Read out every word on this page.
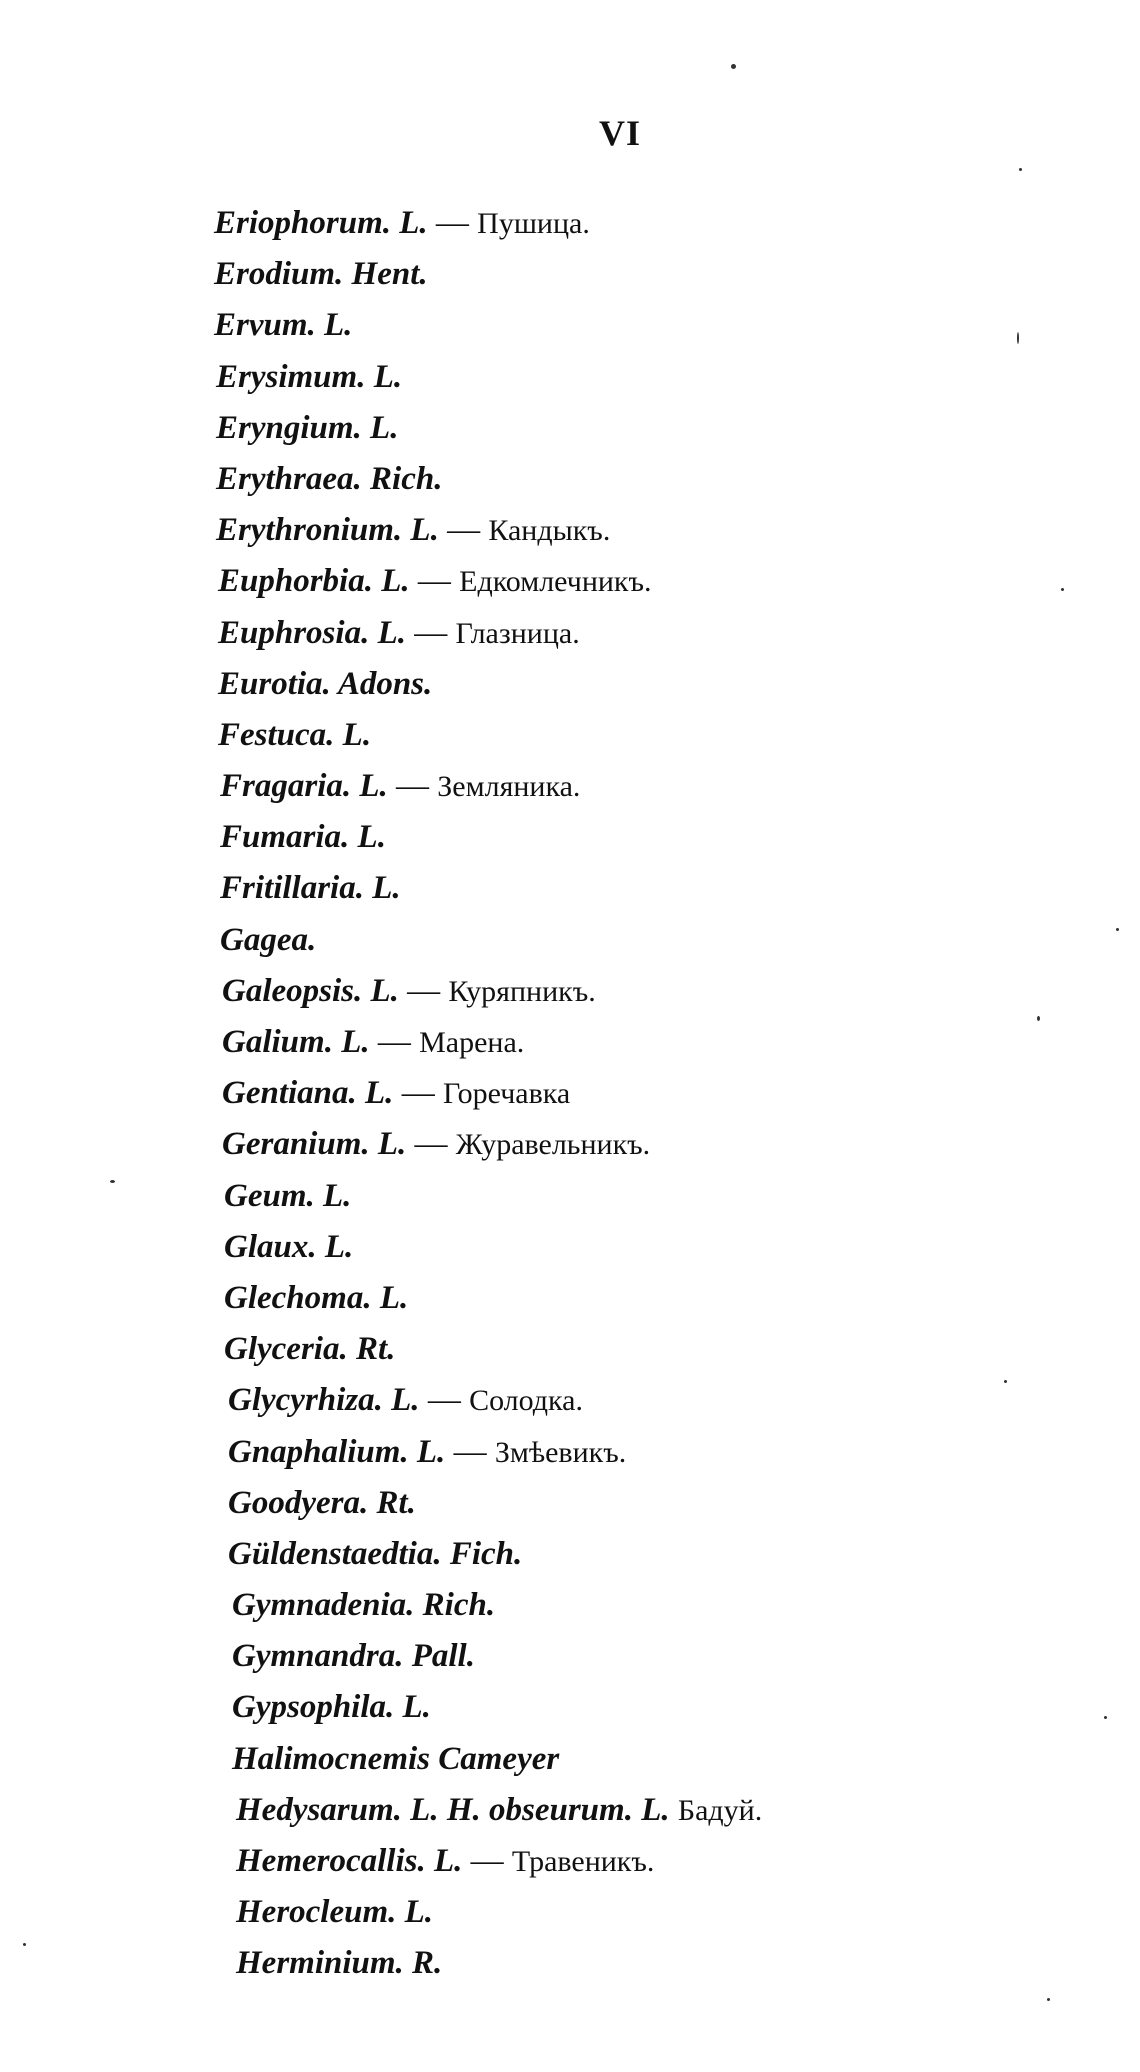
VI
Eriophorum. L. — Пушица.
Erodium. Hent.
Ervum. L.
Erysimum. L.
Eryngium. L.
Erythraea. Rich.
Erythronium. L. — Кандыкъ.
Euphorbia. L. — Едкомлечникъ.
Euphrosia. L. — Глазница.
Eurotia. Adons.
Festuca. L.
Fragaria. L. — Земляника.
Fumaria. L.
Fritillaria. L.
Gagea.
Galeopsis. L. — Куряпникъ.
Galium. L. — Марена.
Gentiana. L. — Горечавка
Geranium. L. — Журавельникъ.
Geum. L.
Glaux. L.
Glechoma. L.
Glyceria. Rt.
Glycyrhiza. L. — Солодка.
Gnaphalium. L. — Змѣевикъ.
Goodyera. Rt.
Güldenstaedtia. Fich.
Gymnadenia. Rich.
Gymnandra. Pall.
Gypsophila. L.
Halimocnemis Cameyer
Hedysarum. L. H. obseurum. L. Бадуй.
Hemerocallis. L. — Травеникъ.
Herocleum. L.
Herminium. R.
